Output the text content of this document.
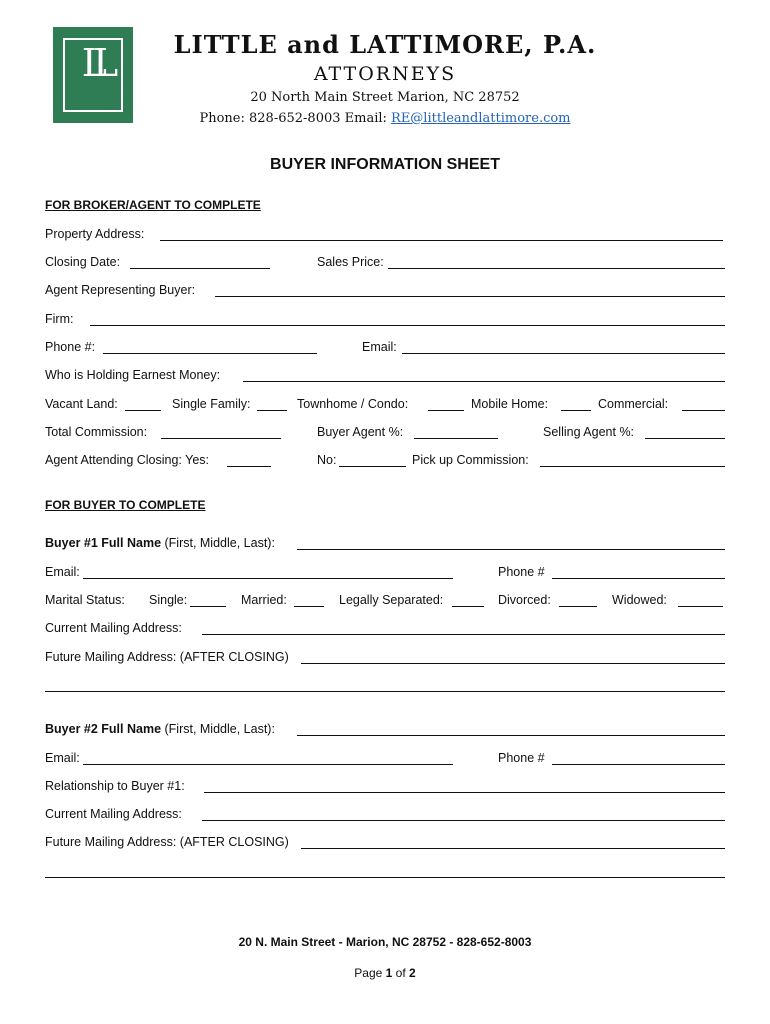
LL	LITTLE and LATTIMORE, P.A.
ATTORNEYS
20 North Main Street Marion, NC 28752
Phone: 828-652-8003 Email: RE@littleandlattimore.com
BUYER INFORMATION SHEET
FOR BROKER/AGENT TO COMPLETE
Property Address:
Closing Date:	Sales Price:
Agent Representing Buyer:
Firm:
Phone #:	Email:
Who is Holding Earnest Money:
Vacant Land:	Single Family:	Townhome / Condo:	Mobile Home:	Commercial:
Total Commission:	Buyer Agent %:	Selling Agent %:
Agent Attending Closing: Yes:	No:	Pick up Commission:
FOR BUYER TO COMPLETE
Buyer #1 Full Name (First, Middle, Last):
Email:	Phone #
Marital Status: Single:	Married:	Legally Separated:	Divorced:	Widowed:
Current Mailing Address:
Future Mailing Address: (AFTER CLOSING)
Buyer #2 Full Name (First, Middle, Last):
Email:	Phone #
Relationship to Buyer #1:
Current Mailing Address:
Future Mailing Address: (AFTER CLOSING)
20 N. Main Street - Marion, NC 28752 - 828-652-8003
Page 1 of 2
